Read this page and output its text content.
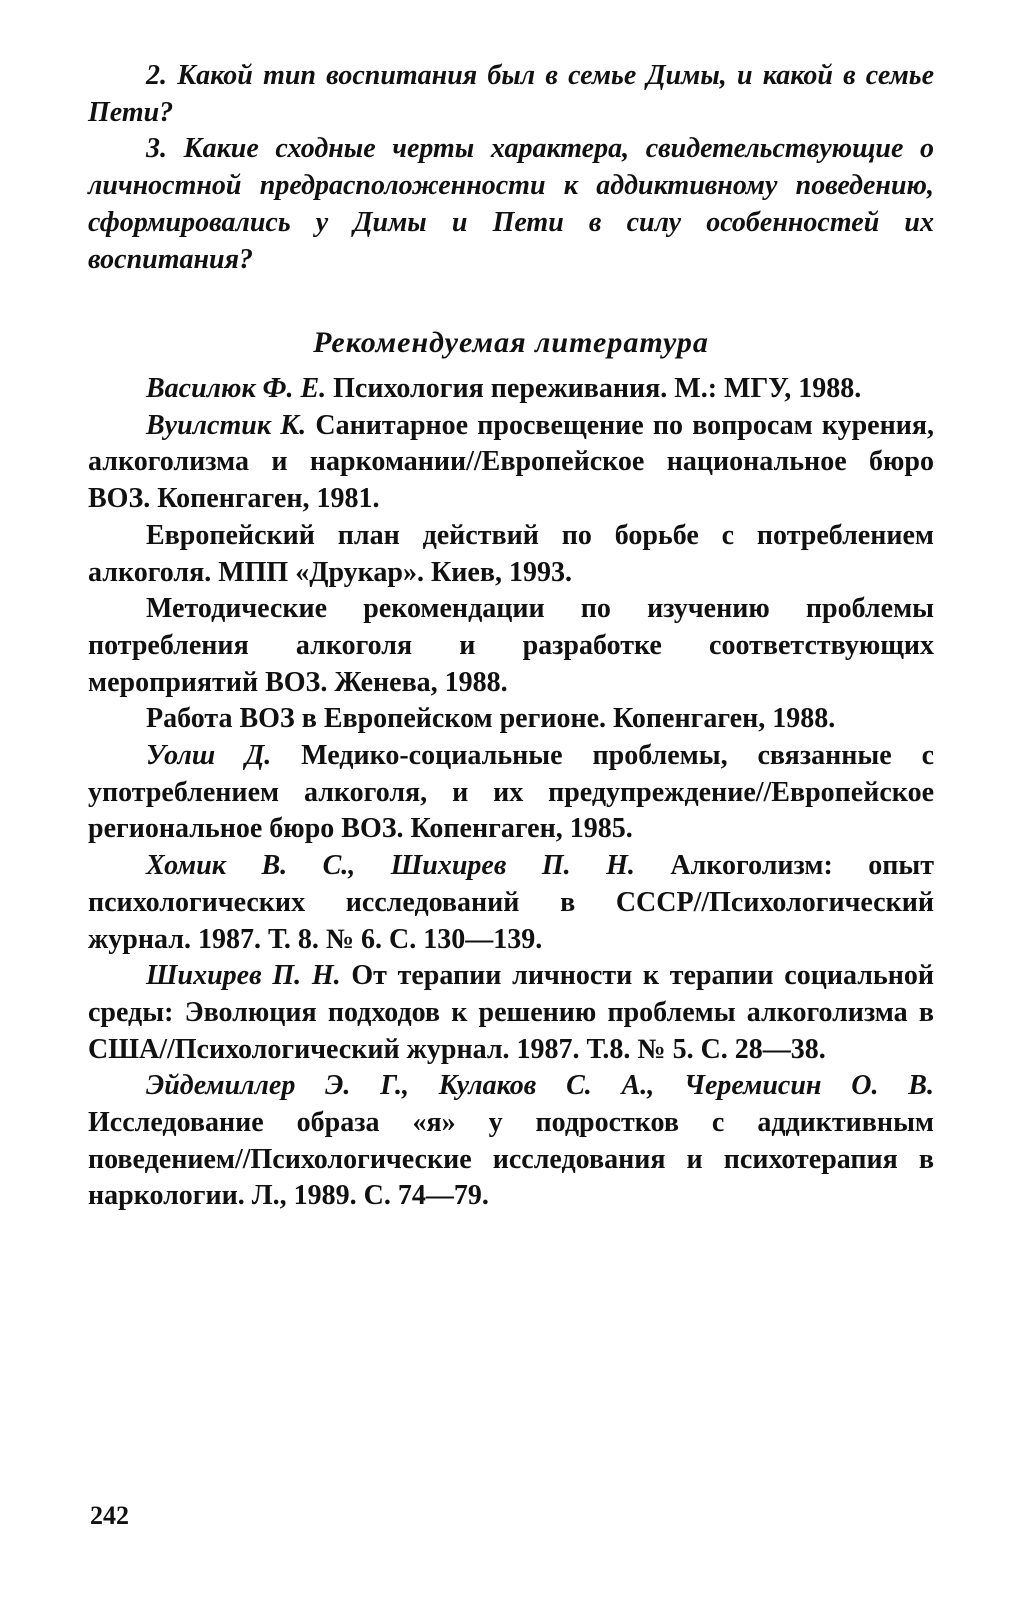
2. Какой тип воспитания был в семье Димы, и какой в семье Пети?

3. Какие сходные черты характера, свидетельствующие о личностной предрасположенности к аддиктивному поведению, сформировались у Димы и Пети в силу особенностей их воспитания?

Рекомендуемая литература

Василюк Ф. Е. Психология переживания. М.: МГУ, 1988.

Вуилстик К. Санитарное просвещение по вопросам курения, алкоголизма и наркомании//Европейское национальное бюро ВОЗ. Копенгаген, 1981.

Европейский план действий по борьбе с потреблением алкоголя. МПП «Друкар». Киев, 1993.

Методические рекомендации по изучению проблемы потребления алкоголя и разработке соответствующих мероприятий ВОЗ. Женева, 1988.

Работа ВОЗ в Европейском регионе. Копенгаген, 1988.

Уолш Д. Медико-социальные проблемы, связанные с употреблением алкоголя, и их предупреждение//Европейское региональное бюро ВОЗ. Копенгаген, 1985.

Хомик В. С., Шихирев П. Н. Алкоголизм: опыт психологических исследований в СССР//Психологический журнал. 1987. Т. 8. № 6. С. 130—139.

Шихирев П. Н. От терапии личности к терапии социальной среды: Эволюция подходов к решению проблемы алкоголизма в США//Психологический журнал. 1987. Т.8. № 5. С. 28—38.

Эйдемиллер Э. Г., Кулаков С. А., Черемисин О. В. Исследование образа «я» у подростков с аддиктивным поведением//Психологические исследования и психотерапия в наркологии. Л., 1989. С. 74—79.

242
